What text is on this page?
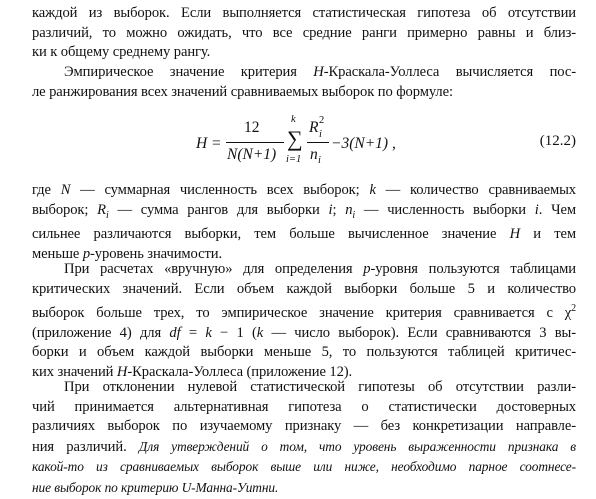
каждой из выборок. Если выполняется статистическая гипотеза об отсутствии
различий, то можно ожидать, что все средние ранги примерно равны и близ-
ки к общему среднему рангу.
Эмпирическое значение критерия H-Краскала-Уоллеса вычисляется пос-
ле ранжирования всех значений сравниваемых выборок по формуле:
H =
12
N(N+1)
k
∑
i=1
R i
2
n i
−3(N+1) ,	(12.2)
где N — суммарная численность всех выборок; k — количество сравниваемых
выборок; $R_i$ — сумма рангов для выборки i; $n_i$ — численность выборки i. Чем
сильнее различаются выборки, тем больше вычисленное значение H и тем
меньше p-уровень значимости.
При расчетах «вручную» для определения p-уровня пользуются таблицами
критических значений. Если объем каждой выборки больше 5 и количество
выборок больше трех, то эмпирическое значение критерия сравнивается с $\chi^2$
(приложение 4) для df = k − 1 (k — число выборок). Если сравниваются 3 вы-
борки и объем каждой выборки меньше 5, то пользуются таблицей критичес-
ких значений H-Краскала-Уоллеса (приложение 12).
При отклонении нулевой статистической гипотезы об отсутствии разли-
чий принимается альтернативная гипотеза о статистически достоверных
различиях выборок по изучаемому признаку — без конкретизации направле-
ния различий. Для утверждений о том, что уровень выраженности признака в
какой-то из сравниваемых выборок выше или ниже, необходимо парное соотнесе-
ние выборок по критерию U-Манна-Уитни.
